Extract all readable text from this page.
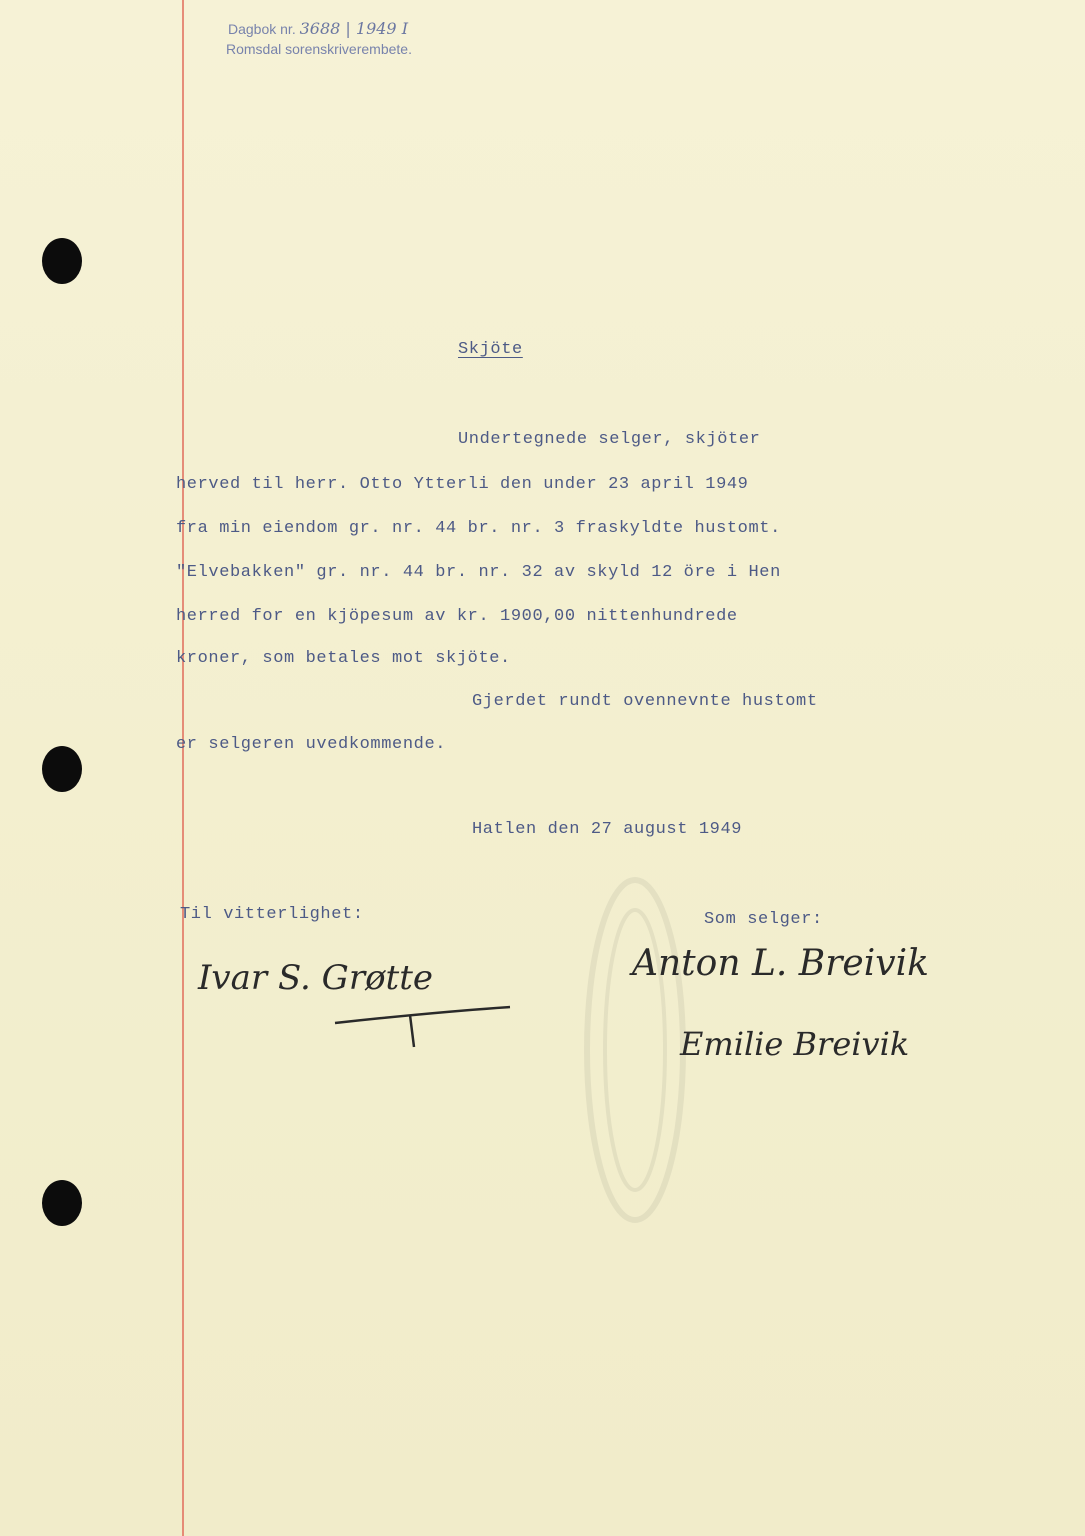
Dagbok nr. 3688 | 1949 I
Romsdal sorenskriverembete.
Skjöte
Undertegnede selger, skjöter
herved til herr. Otto Ytterli den under 23 april 1949
fra min eiendom gr. nr. 44 br. nr. 3 fraskyldte hustomt.
"Elvebakken" gr. nr. 44 br. nr. 32 av skyld 12 öre i Hen
herred for en kjöpesum av kr. 1900,00 nittenhundrede
kroner, som betales mot skjöte.
Gjerdet rundt ovennevnte hustomt
er selgeren uvedkommende.
Hatlen den 27 august 1949
Til vitterlighet:	Som selger:
Ivar S. Grøtte	Anton L. Breivik
Emilie Breivik
